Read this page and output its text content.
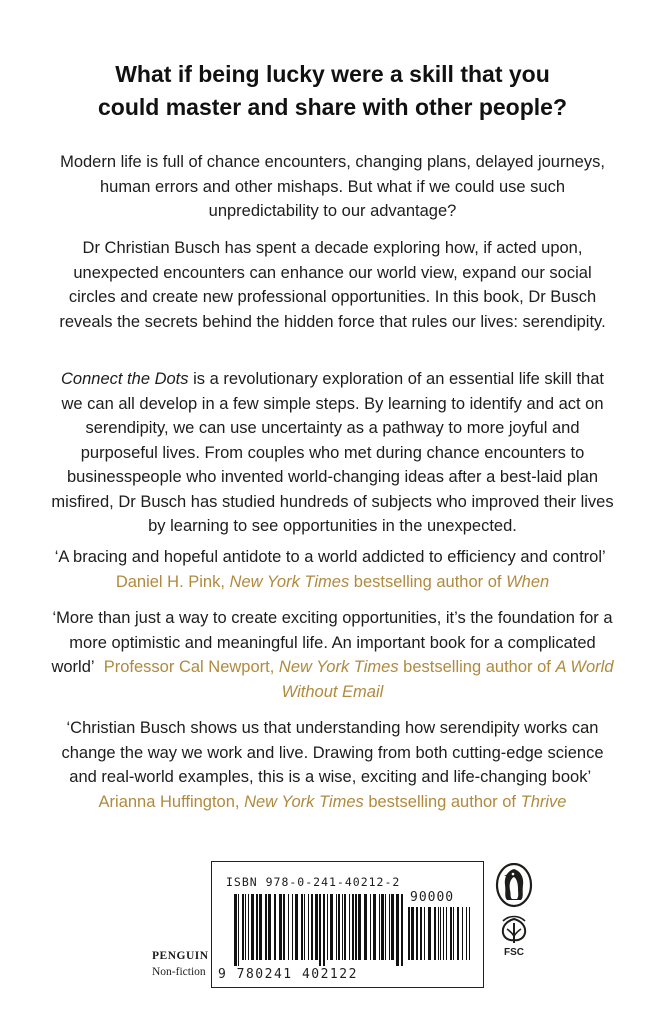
What if being lucky were a skill that you
could master and share with other people?

Modern life is full of chance encounters, changing plans, delayed journeys, human errors and other mishaps. But what if we could use such unpredictability to our advantage?

Dr Christian Busch has spent a decade exploring how, if acted upon, unexpected encounters can enhance our world view, expand our social circles and create new professional opportunities. In this book, Dr Busch reveals the secrets behind the hidden force that rules our lives: serendipity.

Connect the Dots is a revolutionary exploration of an essential life skill that we can all develop in a few simple steps. By learning to identify and act on serendipity, we can use uncertainty as a pathway to more joyful and purposeful lives. From couples who met during chance encounters to businesspeople who invented world-changing ideas after a best-laid plan misfired, Dr Busch has studied hundreds of subjects who improved their lives by learning to see opportunities in the unexpected.

‘A bracing and hopeful antidote to a world addicted to efficiency and control’  Daniel H. Pink, New York Times bestselling author of When

‘More than just a way to create exciting opportunities, it’s the foundation for a more optimistic and meaningful life. An important book for a complicated world’ Professor Cal Newport, New York Times bestselling author of A World Without Email

‘Christian Busch shows us that understanding how serendipity works can change the way we work and live. Drawing from both cutting-edge science and real-world examples, this is a wise, exciting and life-changing book’  Arianna Huffington, New York Times bestselling author of Thrive

ISBN 978-0-241-40212-2
90000
9 780241 402122
FSC
PENGUIN
Non-fiction
